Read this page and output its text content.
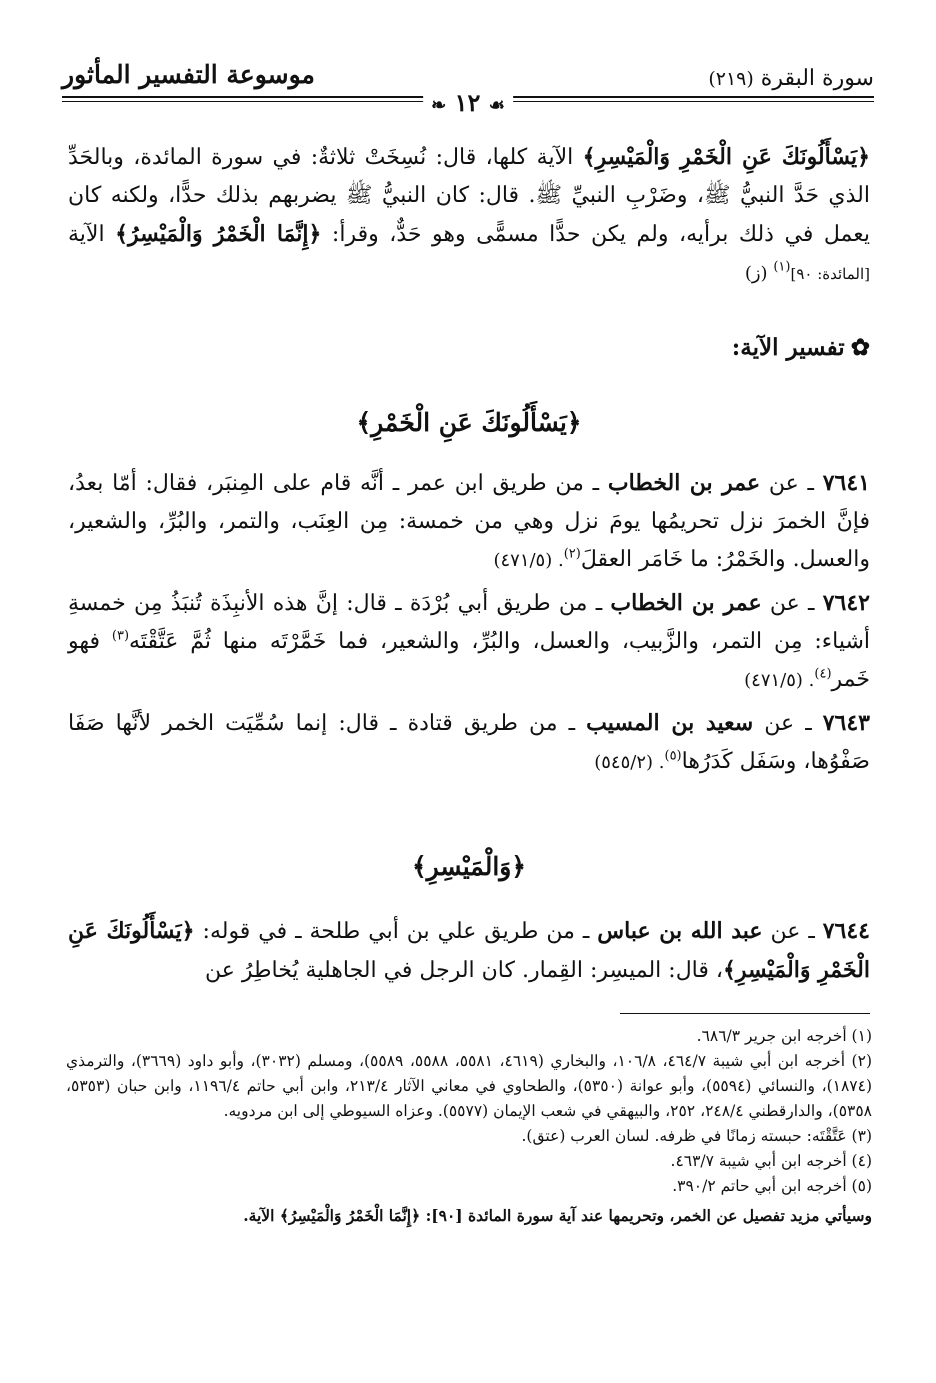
موسوعة التفسير المأثور	سورة البقرة (٢١٩)
❧ ١٢ ☙

﴿يَسْأَلُونَكَ عَنِ الْخَمْرِ وَالْمَيْسِرِ﴾ الآية كلها، قال: نُسِخَتْ ثلاثةٌ: في سورة المائدة، وبالحَدِّ الذي حَدَّ النبيُّ ﷺ، وضَرْبِ النبيِّ ﷺ. قال: كان النبيُّ ﷺ يضربهم بذلك حدًّا، ولكنه كان يعمل في ذلك برأيه، ولم يكن حدًّا مسمًّى وهو حَدٌّ، وقرأ: ﴿إِنَّمَا الْخَمْرُ وَالْمَيْسِرُ﴾ الآية [المائدة: ٩٠]$^{(١)}$ (ز)

✿تفسير الآية:
﴿يَسْأَلُونَكَ عَنِ الْخَمْرِ﴾

٧٦٤١ ـ عن عمر بن الخطاب ـ من طريق ابن عمر ـ أنَّه قام على المِنبَر، فقال: أمّا بعدُ، فإنَّ الخمرَ نزل تحريمُها يومَ نزل وهي من خمسة: مِن العِنَب، والتمر، والبُرِّ، والشعير، والعسل. والخَمْرُ: ما خَامَر العقلَ$^{(٢)}$. (٤٧١/٥)

٧٦٤٢ ـ عن عمر بن الخطاب ـ من طريق أبي بُرْدَة ـ قال: إنَّ هذه الأنبِذَة تُنبَذُ مِن خمسةِ أشياء: مِن التمر، والزَّبيب، والعسل، والبُرِّ، والشعير، فما خَمَّرْتَه منها ثُمَّ عَتَّقْتَه$^{(٣)}$ فهو خَمر$^{(٤)}$. (٤٧١/٥)

٧٦٤٣ ـ عن سعيد بن المسيب ـ من طريق قتادة ـ قال: إنما سُمِّيَت الخمر لأنَّها صَفَا صَفْوُها، وسَفَل كَدَرُها$^{(٥)}$. (٥٤٥/٢)

﴿وَالْمَيْسِرِ﴾

٧٦٤٤ ـ عن عبد الله بن عباس ـ من طريق علي بن أبي طلحة ـ في قوله: ﴿يَسْأَلُونَكَ عَنِ الْخَمْرِ وَالْمَيْسِرِ﴾، قال: الميسِر: القِمار. كان الرجل في الجاهلية يُخاطِرُ عن

(١) أخرجه ابن جرير ٦٨٦/٣.

(٢) أخرجه ابن أبي شيبة ٤٦٤/٧، ١٠٦/٨، والبخاري (٤٦١٩، ٥٥٨١، ٥٥٨٨، ٥٥٨٩)، ومسلم (٣٠٣٢)، وأبو داود (٣٦٦٩)، والترمذي (١٨٧٤)، والنسائي (٥٥٩٤)، وأبو عوانة (٥٣٥٠)، والطحاوي في معاني الآثار ٢١٣/٤، وابن أبي حاتم ١١٩٦/٤، وابن حبان (٥٣٥٣، ٥٣٥٨)، والدارقطني ٢٤٨/٤، ٢٥٢، والبيهقي في شعب الإيمان (٥٥٧٧). وعزاه السيوطي إلى ابن مردويه.

(٣) عَتَّقْتَه: حبسته زمانًا في ظرفه. لسان العرب (عتق).

(٤) أخرجه ابن أبي شيبة ٤٦٣/٧.

(٥) أخرجه ابن أبي حاتم ٣٩٠/٢.

وسيأتي مزيد تفصيل عن الخمر، وتحريمها عند آية سورة المائدة [٩٠]: ﴿إِنَّمَا الْخَمْرُ وَالْمَيْسِرُ﴾ الآية.
